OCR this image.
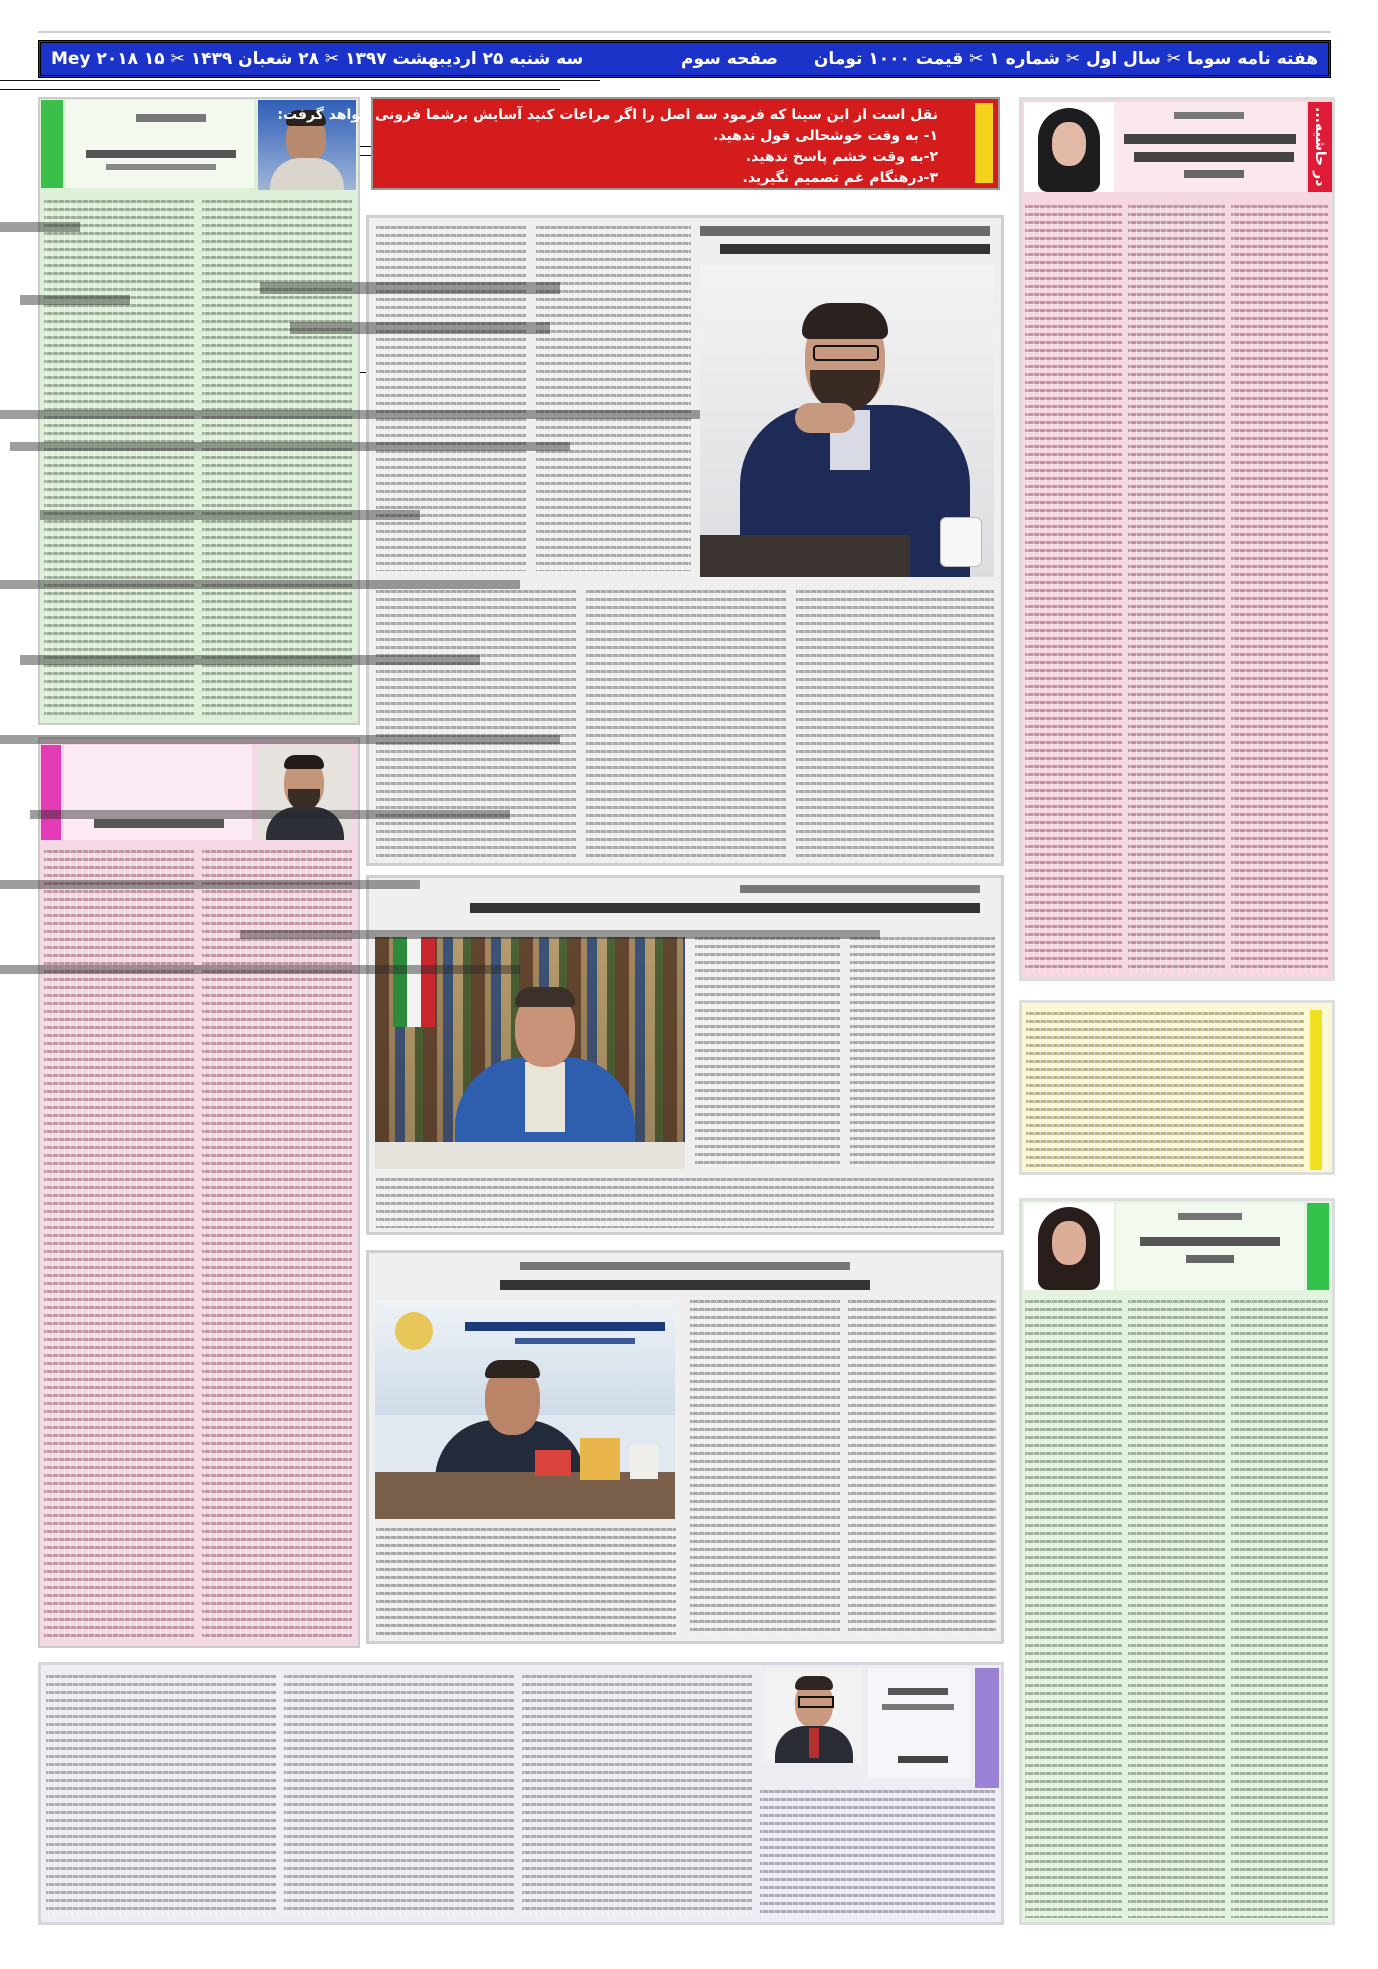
هفته نامه سوما ✂ سال اول ✂ شماره ۱ ✂ قیمت ۱۰۰۰ تومان
صفحه سوم
سه شنبه ۲۵ اردیبهشت ۱۳۹۷ ✂ ۲۸ شعبان ۱۴۳۹ ✂ ۱۵ Mey ۲۰۱۸
نقل است از ابن سینا که فرمود سه اصل را اگر مراعات کنید آسایش برشما فزونی خواهد گرفت:
۱- به وقت خوشحالی قول ندهید.
۲-به وقت خشم پاسخ ندهید.
۳-درهنگام غم تصمیم نگیرید.	در حاشیه...
